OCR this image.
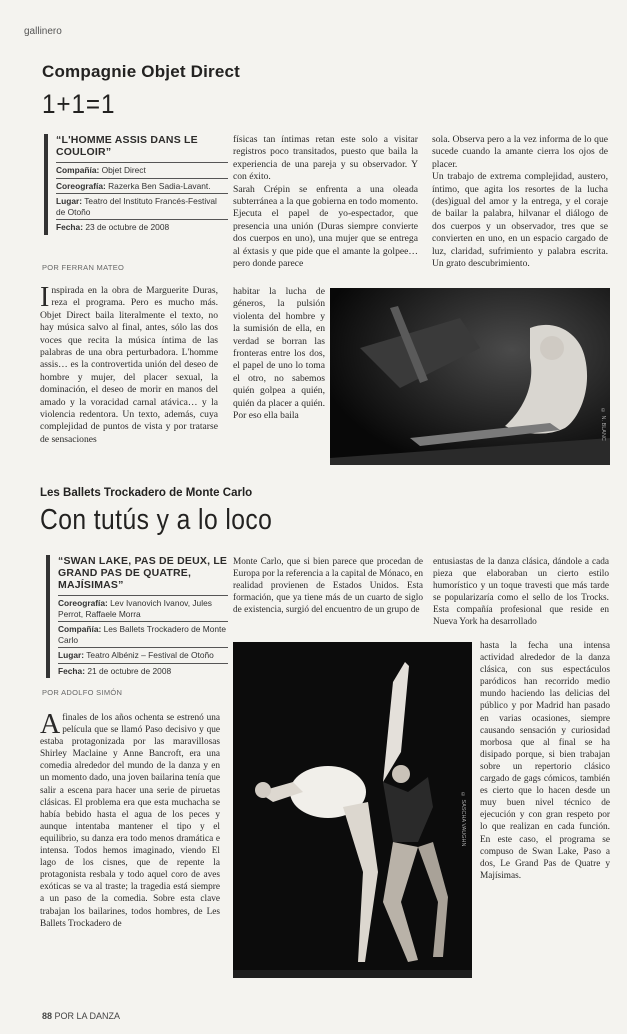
gallinero
Compagnie Objet Direct
1+1=1
“L'HOMME ASSIS DANS LE COULOIR”
Compañía: Objet Direct
Coreografía: Razerka Ben Sadia-Lavant.
Lugar: Teatro del Instituto Francés-Festival de Otoño
Fecha: 23 de octubre de 2008
POR FERRAN MATEO

Inspirada en la obra de Marguerite Duras, reza el programa. Pero es mucho más. Objet Direct baila literalmente el texto, no hay música salvo al final, antes, sólo las dos voces que recita la música íntima de las palabras de una obra perturbadora. L'homme assis… es la controvertida unión del deseo de hombre y mujer, del placer sexual, la dominación, el deseo de morir en manos del amado y la voracidad carnal atávica… y la violencia redentora. Un texto, además, cuya complejidad de puntos de vista y por tratarse de sensaciones

físicas tan íntimas retan este solo a visitar registros poco transitados, puesto que baila la experiencia de una pareja y su observador. Y con éxito.

Sarah Crépin se enfrenta a una oleada subterránea a la que gobierna en todo momento. Ejecuta el papel de yo-espectador, que presencia una unión (Duras siempre convierte dos cuerpos en uno), una mujer que se entrega al éxtasis y que pide que el amante la golpee… pero donde parece

habitar la lucha de géneros, la pulsión violenta del hombre y la sumisión de ella, en verdad se borran las fronteras entre los dos, el papel de uno lo toma el otro, no sabemos quién golpea a quién, quién da placer a quién. Por eso ella baila

sola. Observa pero a la vez informa de lo que sucede cuando la amante cierra los ojos de placer.

Un trabajo de extrema complejidad, austero, íntimo, que agita los resortes de la lucha (des)igual del amor y la entrega, y el coraje de bailar la palabra, hilvanar el diálogo de dos cuerpos y un observador, tres que se convierten en uno, en un espacio cargado de luz, claridad, sufrimiento y palabra escrita. Un grato descubrimiento.

© N. BLANC
Les Ballets Trockadero de Monte Carlo
Con tutús y a lo loco
“SWAN LAKE, PAS DE DEUX, LE GRAND PAS DE QUATRE, MAJÍSIMAS”
Coreografía: Lev Ivanovich Ivanov, Jules Perrot, Raffaele Morra
Compañía: Les Ballets Trockadero de Monte Carlo
Lugar: Teatro Albéniz – Festival de Otoño
Fecha: 21 de octubre de 2008
POR ADOLFO SIMÓN

Afinales de los años ochenta se estrenó una película que se llamó Paso decisivo y que estaba protagonizada por las maravillosas Shirley Maclaine y Anne Bancroft, era una comedia alrededor del mundo de la danza y en un momento dado, una joven bailarina tenía que salir a escena para hacer una serie de piruetas clásicas. El problema era que esta muchacha se había bebido hasta el agua de los peces y aunque intentaba mantener el tipo y el equilibrio, su danza era todo menos dramática e intensa. Todos hemos imaginado, viendo El lago de los cisnes, que de repente la protagonista resbala y todo aquel coro de aves exóticas se va al traste; la tragedia está siempre a un paso de la comedia. Sobre esta clave trabajan los bailarines, todos hombres, de Les Ballets Trockadero de

Monte Carlo, que si bien parece que procedan de Europa por la referencia a la capital de Mónaco, en realidad provienen de Estados Unidos. Esta formación, que ya tiene más de un cuarto de siglo de existencia, surgió del encuentro de un grupo de

entusiastas de la danza clásica, dándole a cada pieza que elaboraban un cierto estilo humorístico y un toque travesti que más tarde se popularizaría como el sello de los Trocks. Esta compañía profesional que reside en Nueva York ha desarrollado

hasta la fecha una intensa actividad alrededor de la danza clásica, con sus espectáculos paródicos han recorrido medio mundo haciendo las delicias del público y por Madrid han pasado en varias ocasiones, siempre causando sensación y curiosidad morbosa que al final se ha disipado porque, si bien trabajan sobre un repertorio clásico cargado de gags cómicos, también es cierto que lo hacen desde un muy buen nivel técnico de ejecución y con gran respeto por lo que realizan en cada función. En este caso, el programa se compuso de Swan Lake, Paso a dos, Le Grand Pas de Quatre y Majísimas.

© SASCHA VAUGHN
88 POR LA DANZA
